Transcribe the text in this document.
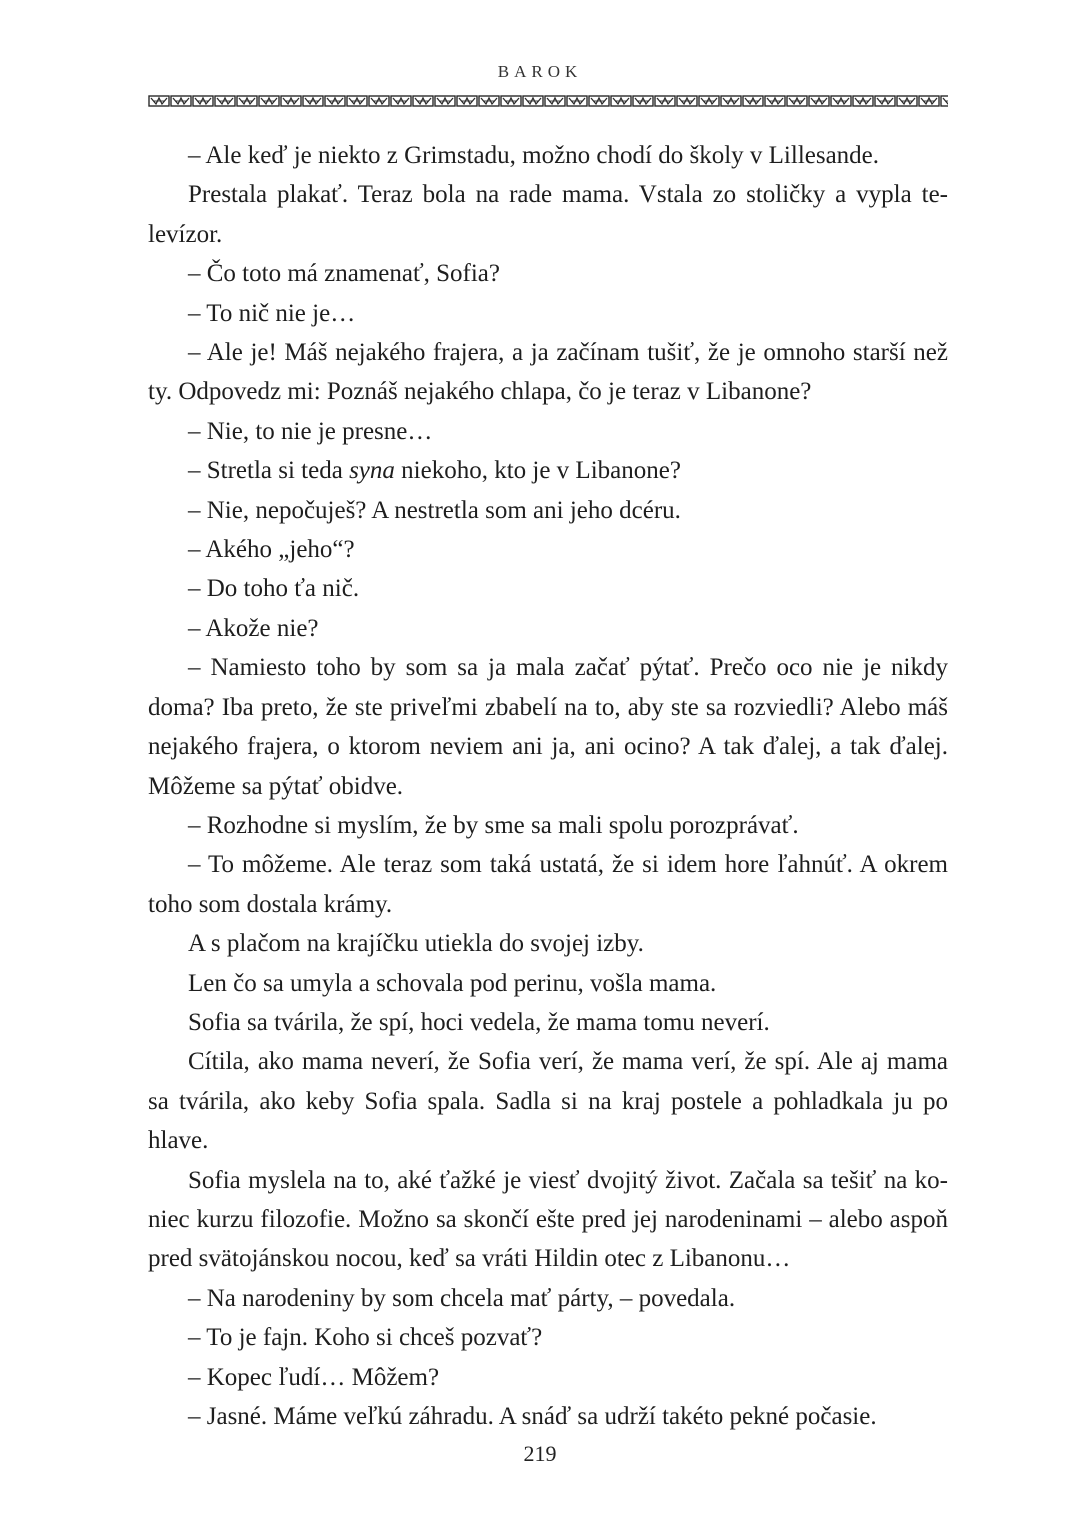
BAROK

– Ale keď je niekto z Grimstadu, možno chodí do školy v Lillesande.

Prestala plakať. Teraz bola na rade mama. Vstala zo stoličky a vypla televízor.

– Čo toto má znamenať, Sofia?

– To nič nie je…

– Ale je! Máš nejakého frajera, a ja začínam tušiť, že je omnoho starší než ty. Odpovedz mi: Poznáš nejakého chlapa, čo je teraz v Libanone?

– Nie, to nie je presne…

– Stretla si teda syna niekoho, kto je v Libanone?

– Nie, nepočuješ? A nestretla som ani jeho dcéru.

– Akého „jeho“?

– Do toho ťa nič.

– Akože nie?

– Namiesto toho by som sa ja mala začať pýtať. Prečo oco nie je nikdy doma? Iba preto, že ste priveľmi zbabelí na to, aby ste sa rozviedli? Alebo máš nejakého frajera, o ktorom neviem ani ja, ani ocino? A tak ďalej, a tak ďalej. Môžeme sa pýtať obidve.

– Rozhodne si myslím, že by sme sa mali spolu porozprávať.

– To môžeme. Ale teraz som taká ustatá, že si idem hore ľahnúť. A okrem toho som dostala krámy.

A s plačom na krajíčku utiekla do svojej izby.

Len čo sa umyla a schovala pod perinu, vošla mama.

Sofia sa tvárila, že spí, hoci vedela, že mama tomu neverí.

Cítila, ako mama neverí, že Sofia verí, že mama verí, že spí. Ale aj mama sa tvárila, ako keby Sofia spala. Sadla si na kraj postele a pohladkala ju po hlave.

Sofia myslela na to, aké ťažké je viesť dvojitý život. Začala sa tešiť na koniec kurzu filozofie. Možno sa skončí ešte pred jej narodeninami – alebo aspoň pred svätojánskou nocou, keď sa vráti Hildin otec z Libanonu…

– Na narodeniny by som chcela mať párty, – povedala.

– To je fajn. Koho si chceš pozvať?

– Kopec ľudí… Môžem?

– Jasné. Máme veľkú záhradu. A snáď sa udrží takéto pekné počasie.

219
